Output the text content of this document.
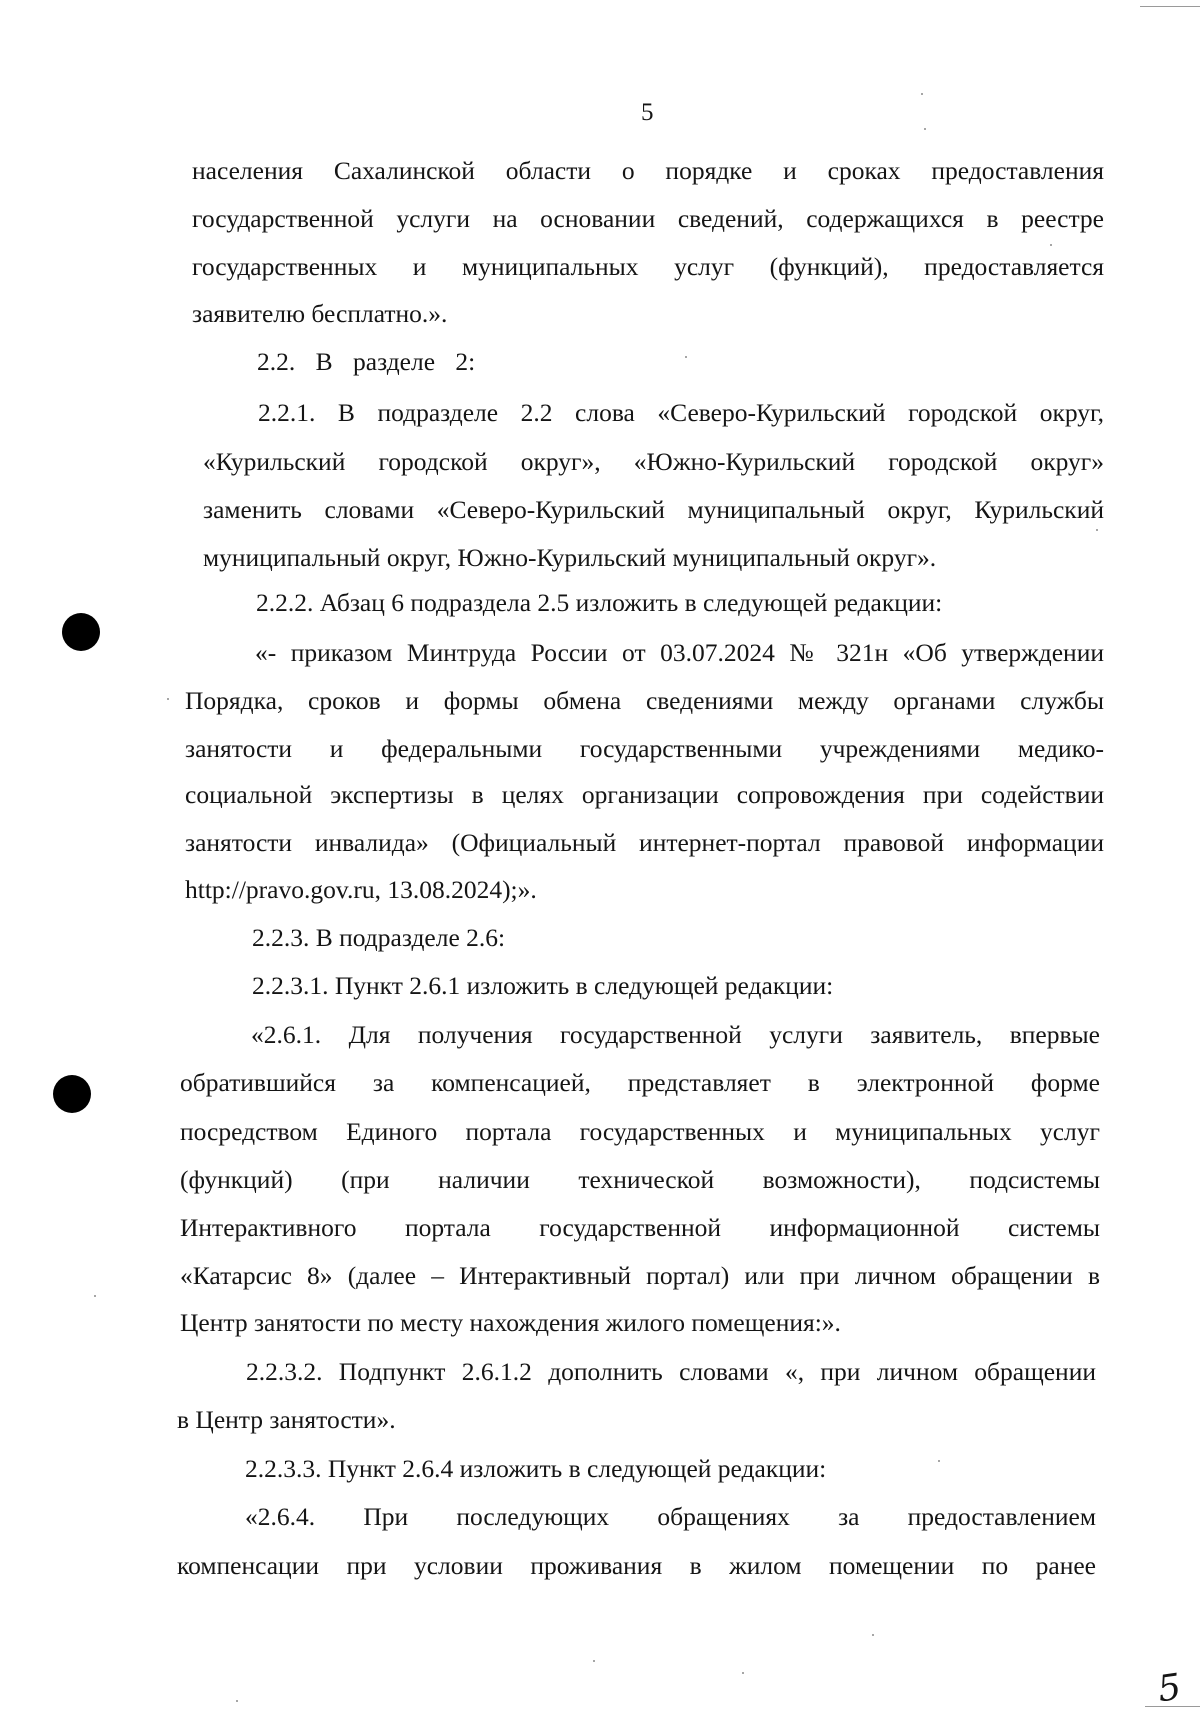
5
населения Сахалинской области о порядке и сроках предоставления
государственной услуги на основании сведений, содержащихся в реестре
государственных и муниципальных услуг (функций), предоставляется
заявителю бесплатно.».
2.2. В разделе 2:
2.2.1. В подразделе 2.2 слова «Северо-Курильский городской округ,
«Курильский городской округ», «Южно-Курильский городской округ»
заменить словами «Северо-Курильский муниципальный округ, Курильский
муниципальный округ, Южно-Курильский муниципальный округ».
2.2.2. Абзац 6 подраздела 2.5 изложить в следующей редакции:
«- приказом Минтруда России от 03.07.2024 № 321н «Об утверждении
Порядка, сроков и формы обмена сведениями между органами службы
занятости и федеральными государственными учреждениями медико-
социальной экспертизы в целях организации сопровождения при содействии
занятости инвалида» (Официальный интернет-портал правовой информации
http://pravo.gov.ru, 13.08.2024);».
2.2.3. В подразделе 2.6:
2.2.3.1. Пункт 2.6.1 изложить в следующей редакции:
«2.6.1. Для получения государственной услуги заявитель, впервые
обратившийся за компенсацией, представляет в электронной форме
посредством Единого портала государственных и муниципальных услуг
(функций) (при наличии технической возможности), подсистемы
Интерактивного портала государственной информационной системы
«Катарсис 8» (далее – Интерактивный портал) или при личном обращении в
Центр занятости по месту нахождения жилого помещения:».
2.2.3.2. Подпункт 2.6.1.2 дополнить словами «, при личном обращении
в Центр занятости».
2.2.3.3. Пункт 2.6.4 изложить в следующей редакции:
«2.6.4. При последующих обращениях за предоставлением
компенсации при условии проживания в жилом помещении по ранее
5
